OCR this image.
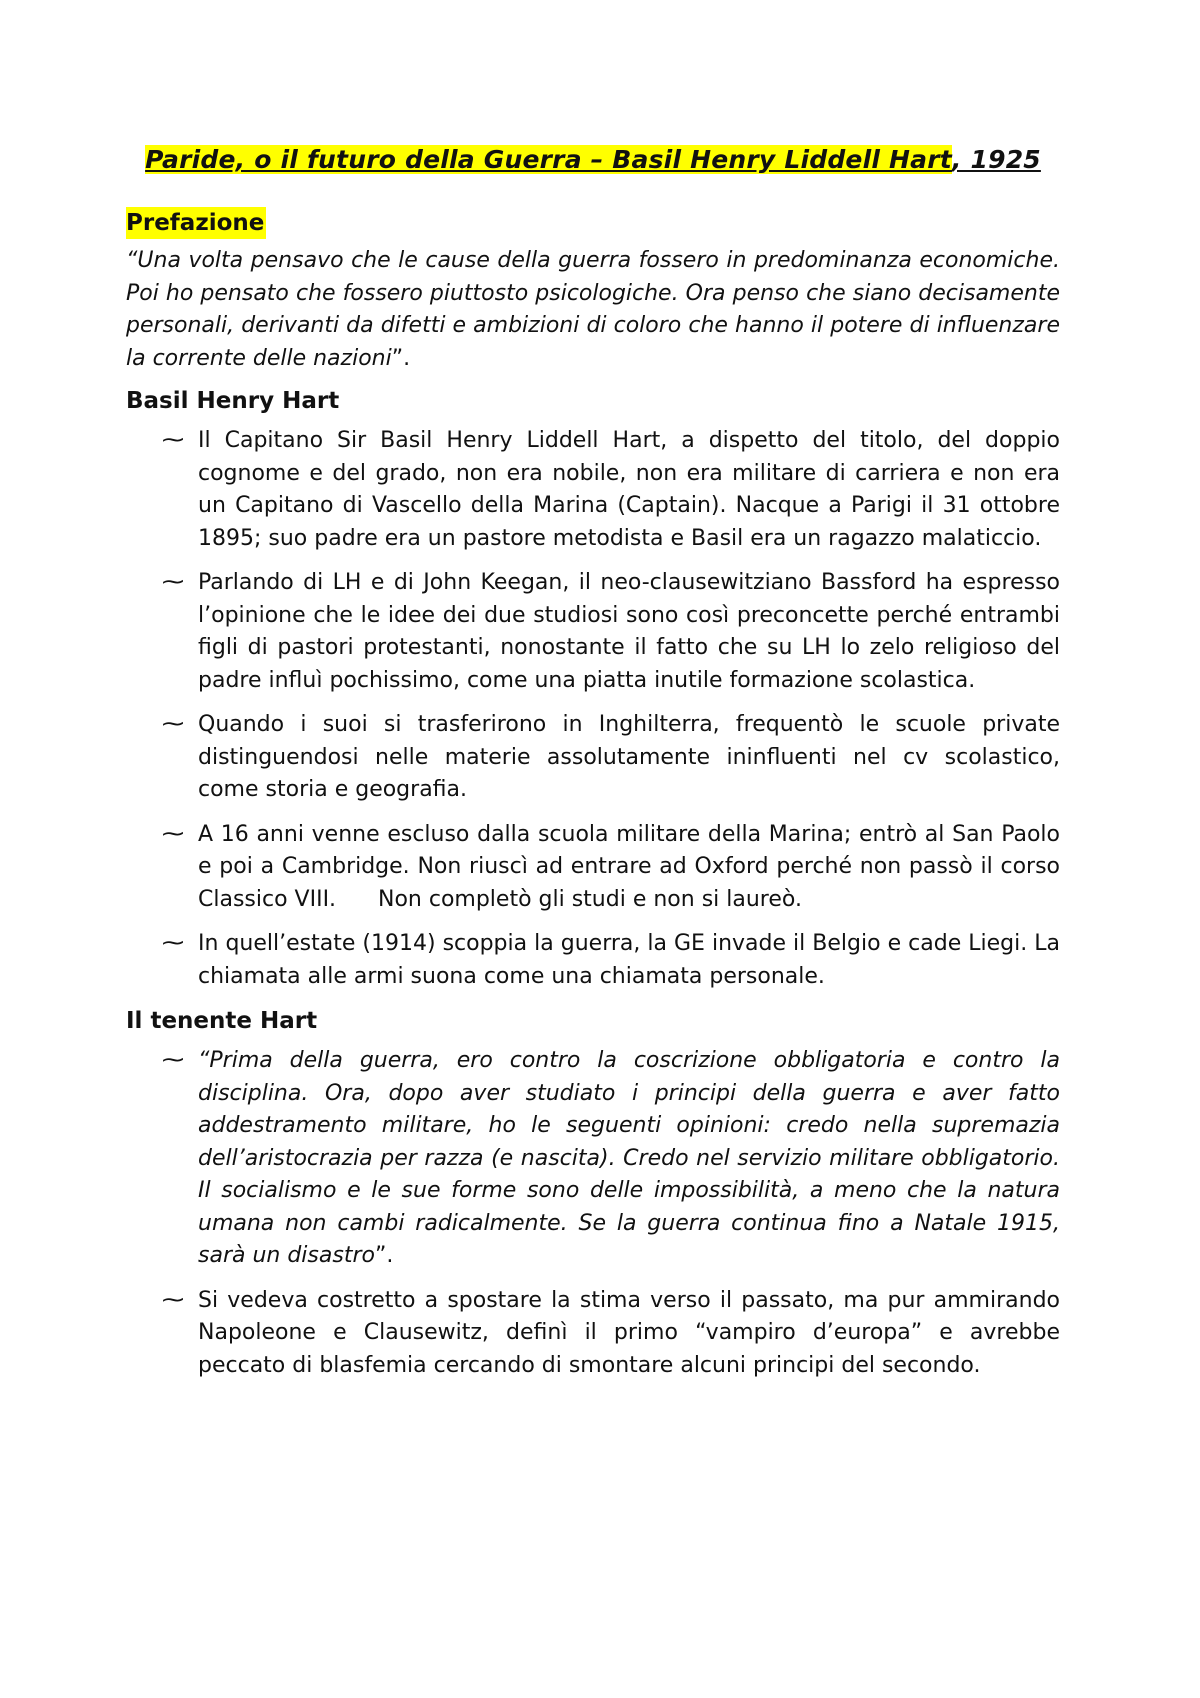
Paride, o il futuro della Guerra – Basil Henry Liddell Hart, 1925
Prefazione

“Una volta pensavo che le cause della guerra fossero in predominanza economiche. Poi ho pensato che fossero piuttosto psicologiche. Ora penso che siano decisamente personali, derivanti da difetti e ambizioni di coloro che hanno il potere di influenzare la corrente delle nazioni”.

Basil Henry Hart
⁓ Il Capitano Sir Basil Henry Liddell Hart, a dispetto del titolo, del doppio cognome e del grado, non era nobile, non era militare di carriera e non era un Capitano di Vascello della Marina (Captain). Nacque a Parigi il 31 ottobre 1895; suo padre era un pastore metodista e Basil era un ragazzo malaticcio.
⁓ Parlando di LH e di John Keegan, il neo-clausewitziano Bassford ha espresso l’opinione che le idee dei due studiosi sono così preconcette perché entrambi figli di pastori protestanti, nonostante il fatto che su LH lo zelo religioso del padre influì pochissimo, come una piatta inutile formazione scolastica.
⁓ Quando i suoi si trasferirono in Inghilterra, frequentò le scuole private distinguendosi nelle materie assolutamente ininfluenti nel cv scolastico, come storia e geografia.
⁓ A 16 anni venne escluso dalla scuola militare della Marina; entrò al San Paolo e poi a Cambridge. Non riuscì ad entrare ad Oxford perché non passò il corso Classico VIII.      Non completò gli studi e non si laureò.
⁓ In quell’estate (1914) scoppia la guerra, la GE invade il Belgio e cade Liegi. La chiamata alle armi suona come una chiamata personale.
Il tenente Hart
⁓ “Prima della guerra, ero contro la coscrizione obbligatoria e contro la disciplina. Ora, dopo aver studiato i principi della guerra e aver fatto addestramento militare, ho le seguenti opinioni: credo nella supremazia dell’aristocrazia per razza (e nascita). Credo nel servizio militare obbligatorio. Il socialismo e le sue forme sono delle impossibilità, a meno che la natura umana non cambi radicalmente. Se la guerra continua fino a Natale 1915, sarà un disastro”.
⁓ Si vedeva costretto a spostare la stima verso il passato, ma pur ammirando Napoleone e Clausewitz, definì il primo “vampiro d’europa” e avrebbe peccato di blasfemia cercando di smontare alcuni principi del secondo.
